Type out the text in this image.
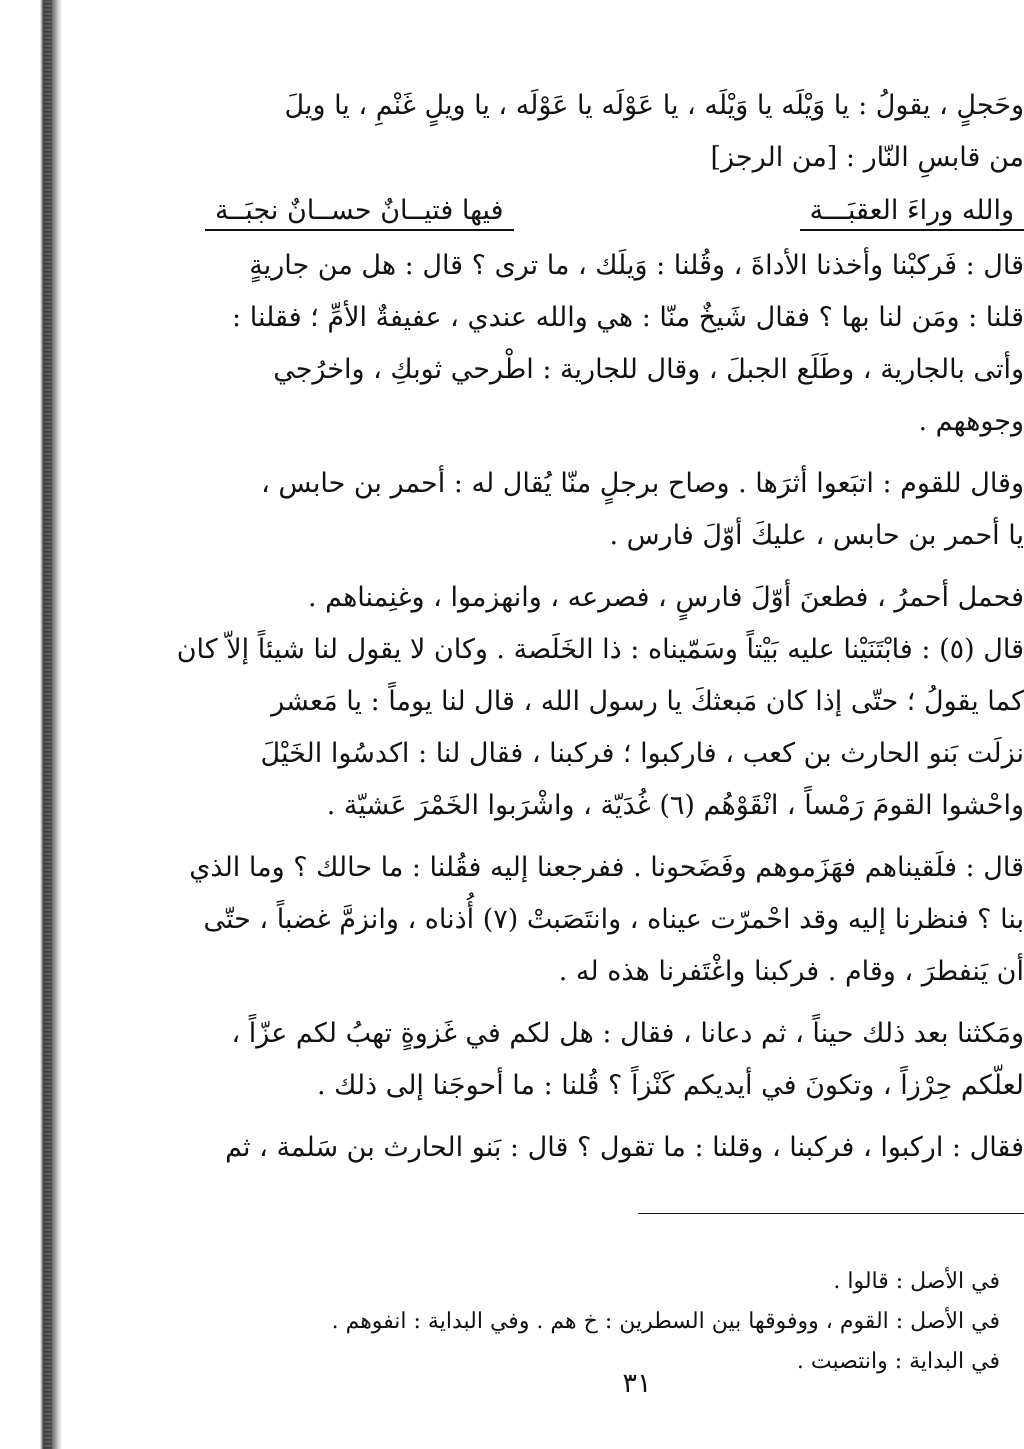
وحَجلٍ ، يقولُ : يا وَيْلَه يا وَيْلَه ، يا عَوْلَه يا عَوْلَه ، يا ويلٍ غَنْمِ ، يا ويلَ
من قابسِ النّار : [من الرجز]
والله وراءَ العقبَـــة
فيها فتيــانٌ حســانٌ نجبَــة
قال : فَركبْنا وأخذنا الأداةَ ، وقُلنا : وَيلَك ، ما ترى ؟ قال : هل من جاريةٍ
قلنا : ومَن لنا بها ؟ فقال شَيخٌ منّا : هي والله عندي ، عفيفةٌ الأمِّ ؛ فقلنا :
وأتى بالجارية ، وطَلَع الجبلَ ، وقال للجارية : اطْرحي ثوبكِ ، واخرُجي
وجوههم .
وقال للقوم : اتبَعوا أثرَها . وصاح برجلٍ منّا يُقال له : أحمر بن حابس ،
يا أحمر بن حابس ، عليكَ أوّلَ فارس .
فحمل أحمرُ ، فطعنَ أوّلَ فارسٍ ، فصرعه ، وانهزموا ، وغنِمناهم .
قال (٥) : فابْتَنَيْنا عليه بَيْتاً وسَمّيناه : ذا الخَلَصة . وكان لا يقول لنا شيئاً إلاّ كان
كما يقولُ ؛ حتّى إذا كان مَبعثكَ يا رسول الله ، قال لنا يوماً : يا مَعشر
نزلَت بَنو الحارث بن كعب ، فاركبوا ؛ فركبنا ، فقال لنا : اكدسُوا الخَيْلَ
واحْشوا القومَ رَمْساً ، انْقَوْهُم (٦) غُدَيّة ، واشْرَبوا الخَمْرَ عَشيّة .
قال : فلَقيناهم فهَزَموهم وفَضَحونا . ففرجعنا إليه فقُلنا : ما حالك ؟ وما الذي
بنا ؟ فنظرنا إليه وقد احْمرّت عيناه ، وانتَصَبتْ (٧) أُذناه ، وانزمَّ غضباً ، حتّى
أن يَنفطرَ ، وقام . فركبنا واغْتَفرنا هذه له .
ومَكثنا بعد ذلك حيناً ، ثم دعانا ، فقال : هل لكم في غَزوةٍ تهبُ لكم عزّاً ،
لعلّكم حِرْزاً ، وتكونَ في أيديكم كَنْزاً ؟ قُلنا : ما أحوجَنا إلى ذلك .
فقال : اركبوا ، فركبنا ، وقلنا : ما تقول ؟ قال : بَنو الحارث بن سَلمة ، ثم
في الأصل : قالوا .
في الأصل : القوم ، ووفوقها بين السطرين : خ هم . وفي البداية : انفوهم .
في البداية : وانتصبت .
٣١
